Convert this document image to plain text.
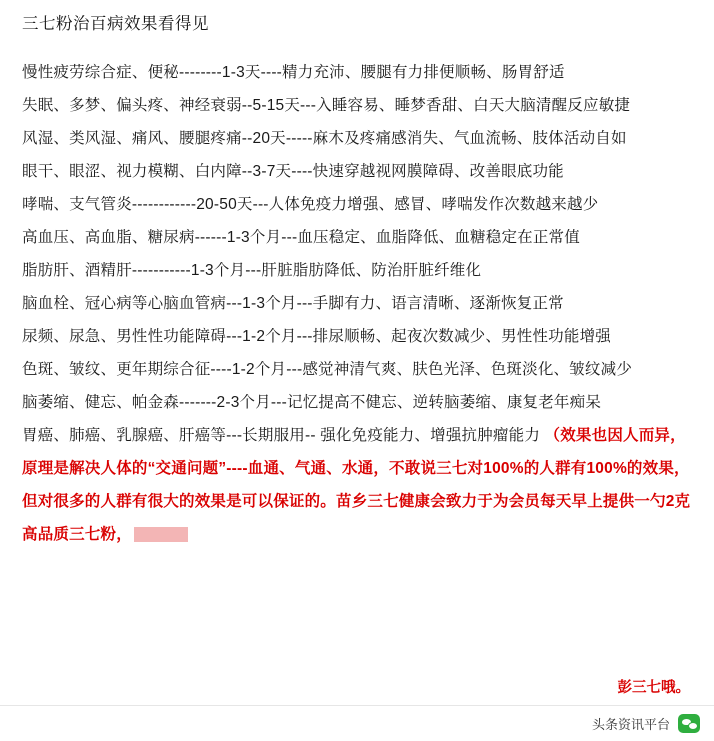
三七粉治百病效果看得见
慢性疲劳综合症、便秘--------1-3天----精力充沛、腰腿有力排便顺畅、肠胃舒适
失眠、多梦、偏头疼、神经衰弱--5-15天---入睡容易、睡梦香甜、白天大脑清醒反应敏捷
风湿、类风湿、痛风、腰腿疼痛--20天-----麻木及疼痛感消失、气血流畅、肢体活动自如
眼干、眼涩、视力模糊、白内障--3-7天----快速穿越视网膜障碍、改善眼底功能
哮喘、支气管炎------------20-50天---人体免疫力增强、感冒、哮喘发作次数越来越少
高血压、高血脂、糖尿病------1-3个月---血压稳定、血脂降低、血糖稳定在正常值
脂肪肝、酒精肝-----------1-3个月---肝脏脂肪降低、防治肝脏纤维化
脑血栓、冠心病等心脑血管病---1-3个月---手脚有力、语言清晰、逐渐恢复正常
尿频、尿急、男性性功能障碍---1-2个月---排尿顺畅、起夜次数减少、男性性功能增强
色斑、皱纹、更年期综合征----1-2个月---感觉神清气爽、肤色光泽、色斑淡化、皱纹减少
脑萎缩、健忘、帕金森-------2-3个月---记忆提高不健忘、逆转脑萎缩、康复老年痴呆
胃癌、肺癌、乳腺癌、肝癌等---长期服用-- 强化免疫能力、增强抗肿瘤能力 （效果也因人而异，原理是解决人体的“交通问题”----血通、气通、水通，不敢说三七对100%的人群有100%的效果，但对很多的人群有很大的效果是可以保证的。苗乡三七健康会致力于为会员每天早上提供一勺2克高品质三七粉，
彭三七哦。
头条资讯平台
